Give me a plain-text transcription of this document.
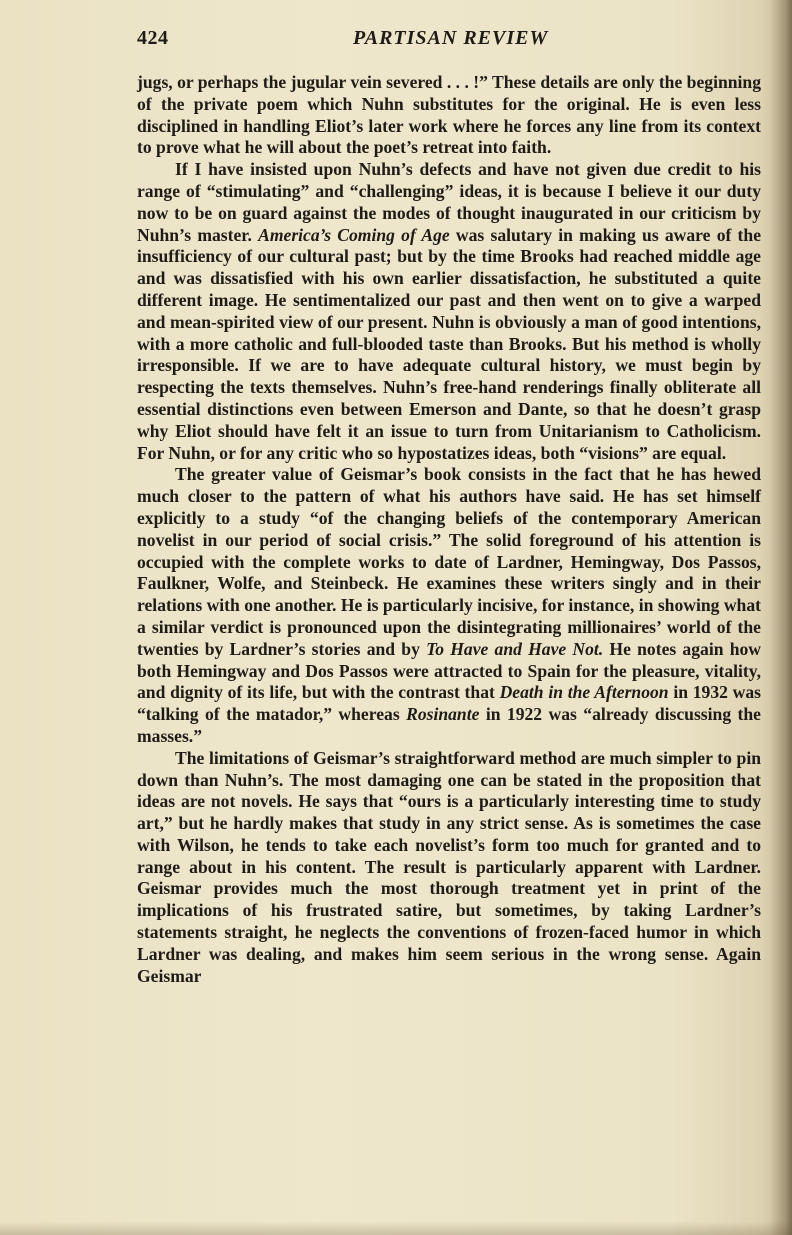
424	PARTISAN REVIEW

jugs, or perhaps the jugular vein severed . . . !” These details are only the beginning of the private poem which Nuhn substitutes for the original. He is even less disciplined in handling Eliot’s later work where he forces any line from its context to prove what he will about the poet’s retreat into faith.

If I have insisted upon Nuhn’s defects and have not given due credit to his range of “stimulating” and “challenging” ideas, it is because I believe it our duty now to be on guard against the modes of thought inaugurated in our criticism by Nuhn’s master. America’s Coming of Age was salutary in making us aware of the insufficiency of our cultural past; but by the time Brooks had reached middle age and was dissatisfied with his own earlier dissatisfaction, he substituted a quite different image. He sentimentalized our past and then went on to give a warped and mean-spirited view of our present. Nuhn is obviously a man of good intentions, with a more catholic and full-blooded taste than Brooks. But his method is wholly irresponsible. If we are to have adequate cultural history, we must begin by respecting the texts themselves. Nuhn’s free-hand renderings finally obliterate all essential distinctions even between Emerson and Dante, so that he doesn’t grasp why Eliot should have felt it an issue to turn from Unitarianism to Catholicism. For Nuhn, or for any critic who so hypostatizes ideas, both “visions” are equal.

The greater value of Geismar’s book consists in the fact that he has hewed much closer to the pattern of what his authors have said. He has set himself explicitly to a study “of the changing beliefs of the contemporary American novelist in our period of social crisis.” The solid foreground of his attention is occupied with the complete works to date of Lardner, Hemingway, Dos Passos, Faulkner, Wolfe, and Steinbeck. He examines these writers singly and in their relations with one another. He is particularly incisive, for instance, in showing what a similar verdict is pronounced upon the disintegrating millionaires’ world of the twenties by Lardner’s stories and by To Have and Have Not. He notes again how both Hemingway and Dos Passos were attracted to Spain for the pleasure, vitality, and dignity of its life, but with the contrast that Death in the Afternoon in 1932 was “talking of the matador,” whereas Rosinante in 1922 was “already discussing the masses.”

The limitations of Geismar’s straightforward method are much simpler to pin down than Nuhn’s. The most damaging one can be stated in the proposition that ideas are not novels. He says that “ours is a particularly interesting time to study art,” but he hardly makes that study in any strict sense. As is sometimes the case with Wilson, he tends to take each novelist’s form too much for granted and to range about in his content. The result is particularly apparent with Lardner. Geismar provides much the most thorough treatment yet in print of the implications of his frustrated satire, but sometimes, by taking Lardner’s statements straight, he neglects the conventions of frozen-faced humor in which Lardner was dealing, and makes him seem serious in the wrong sense. Again Geismar
